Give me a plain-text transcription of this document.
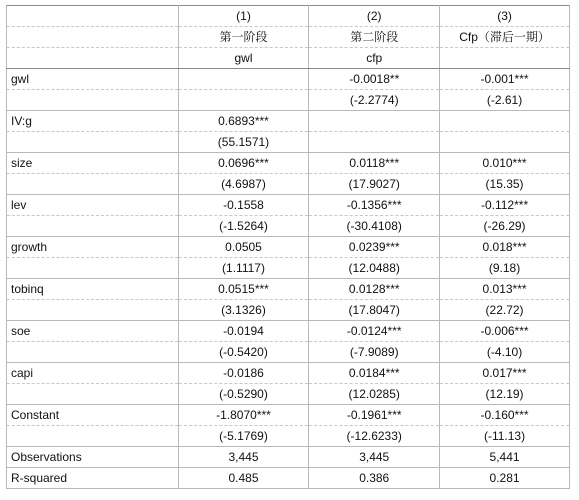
	(1)	(2)	(3)
	第一阶段	第二阶段	Cfp（滞后一期）
	gwl	cfp	
gwl		-0.0018**	-0.001***
		(-2.2774)	(-2.61)
IV:g	0.6893***		
	(55.1571)		
size	0.0696***	0.0118***	0.010***
	(4.6987)	(17.9027)	(15.35)
lev	-0.1558	-0.1356***	-0.112***
	(-1.5264)	(-30.4108)	(-26.29)
growth	0.0505	0.0239***	0.018***
	(1.1117)	(12.0488)	(9.18)
tobinq	0.0515***	0.0128***	0.013***
	(3.1326)	(17.8047)	(22.72)
soe	-0.0194	-0.0124***	-0.006***
	(-0.5420)	(-7.9089)	(-4.10)
capi	-0.0186	0.0184***	0.017***
	(-0.5290)	(12.0285)	(12.19)
Constant	-1.8070***	-0.1961***	-0.160***
	(-5.1769)	(-12.6233)	(-11.13)
Observations	3,445	3,445	5,441
R-squared	0.485	0.386	0.281
